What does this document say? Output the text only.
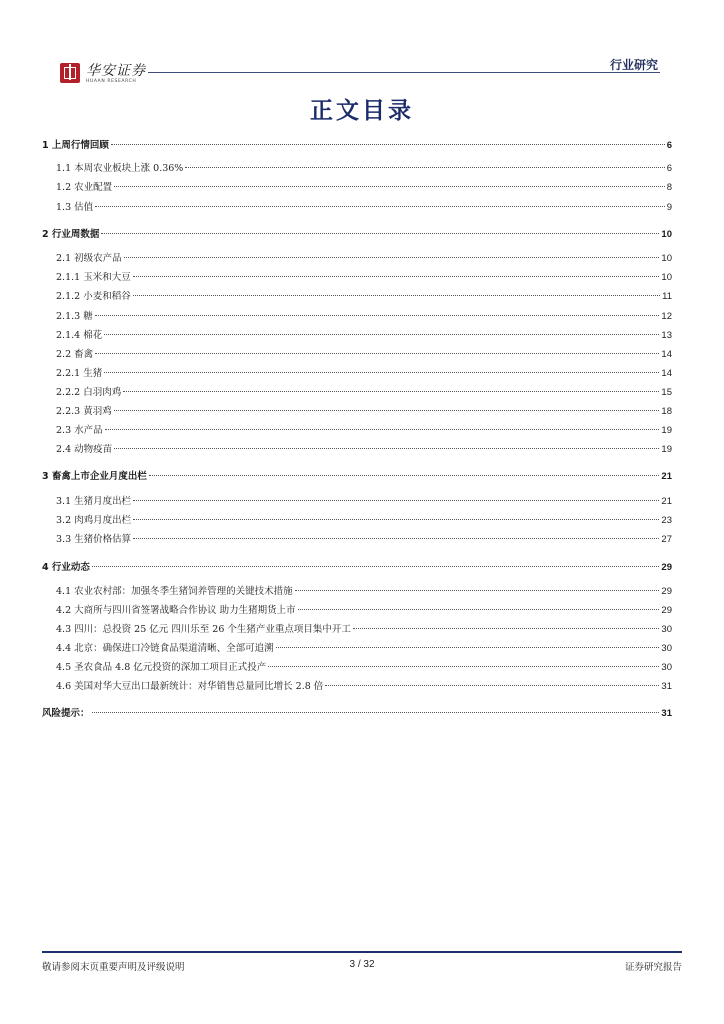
华安证券
HUAAN RESEARCH
行业研究
正文目录
1 上周行情回顾	6
1.1 本周农业板块上涨 0.36%	6
1.2 农业配置	8
1.3 估值	9
2 行业周数据	10
2.1 初级农产品	10
2.1.1 玉米和大豆	10
2.1.2 小麦和稻谷	11
2.1.3 糖	12
2.1.4 棉花	13
2.2 畜禽	14
2.2.1 生猪	14
2.2.2 白羽肉鸡	15
2.2.3 黄羽鸡	18
2.3 水产品	19
2.4 动物疫苗	19
3 畜禽上市企业月度出栏	21
3.1 生猪月度出栏	21
3.2 肉鸡月度出栏	23
3.3 生猪价格估算	27
4 行业动态	29
4.1 农业农村部：加强冬季生猪饲养管理的关键技术措施	29
4.2 大商所与四川省签署战略合作协议 助力生猪期货上市	29
4.3 四川：总投资 25 亿元 四川乐至 26 个生猪产业重点项目集中开工	30
4.4 北京：确保进口冷链食品渠道清晰、全部可追溯	30
4.5 圣农食品 4.8 亿元投资的深加工项目正式投产	30
4.6 美国对华大豆出口最新统计：对华销售总量同比增长 2.8 倍	31
风险提示：	31
敬请参阅末页重要声明及评级说明	3 / 32	证券研究报告
